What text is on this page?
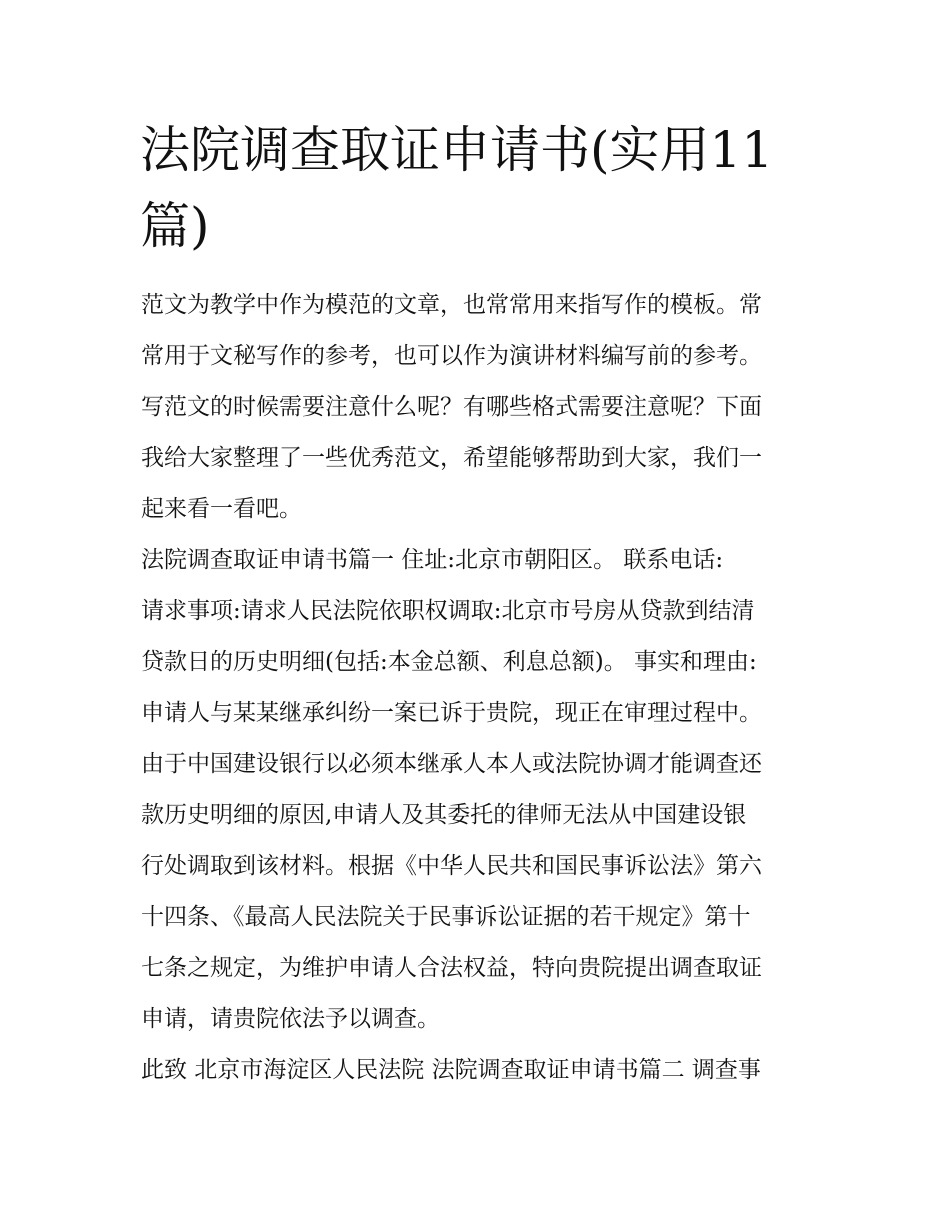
法院调查取证申请书(实用11
篇)

范文为教学中作为模范的文章，也常常用来指写作的模板。常
常用于文秘写作的参考，也可以作为演讲材料编写前的参考。
写范文的时候需要注意什么呢？有哪些格式需要注意呢？下面
我给大家整理了一些优秀范文，希望能够帮助到大家，我们一
起来看一看吧。

法院调查取证申请书篇一 住址:北京市朝阳区。 联系电话:
请求事项:请求人民法院依职权调取:北京市号房从贷款到结清
贷款日的历史明细(包括:本金总额、利息总额)。 事实和理由:
申请人与某某继承纠纷一案已诉于贵院，现正在审理过程中。
由于中国建设银行以必须本继承人本人或法院协调才能调查还
款历史明细的原因,申请人及其委托的律师无法从中国建设银
行处调取到该材料。根据《中华人民共和国民事诉讼法》第六
十四条、《最高人民法院关于民事诉讼证据的若干规定》第十
七条之规定，为维护申请人合法权益，特向贵院提出调查取证
申请，请贵院依法予以调查。

此致 北京市海淀区人民法院 法院调查取证申请书篇二 调查事
